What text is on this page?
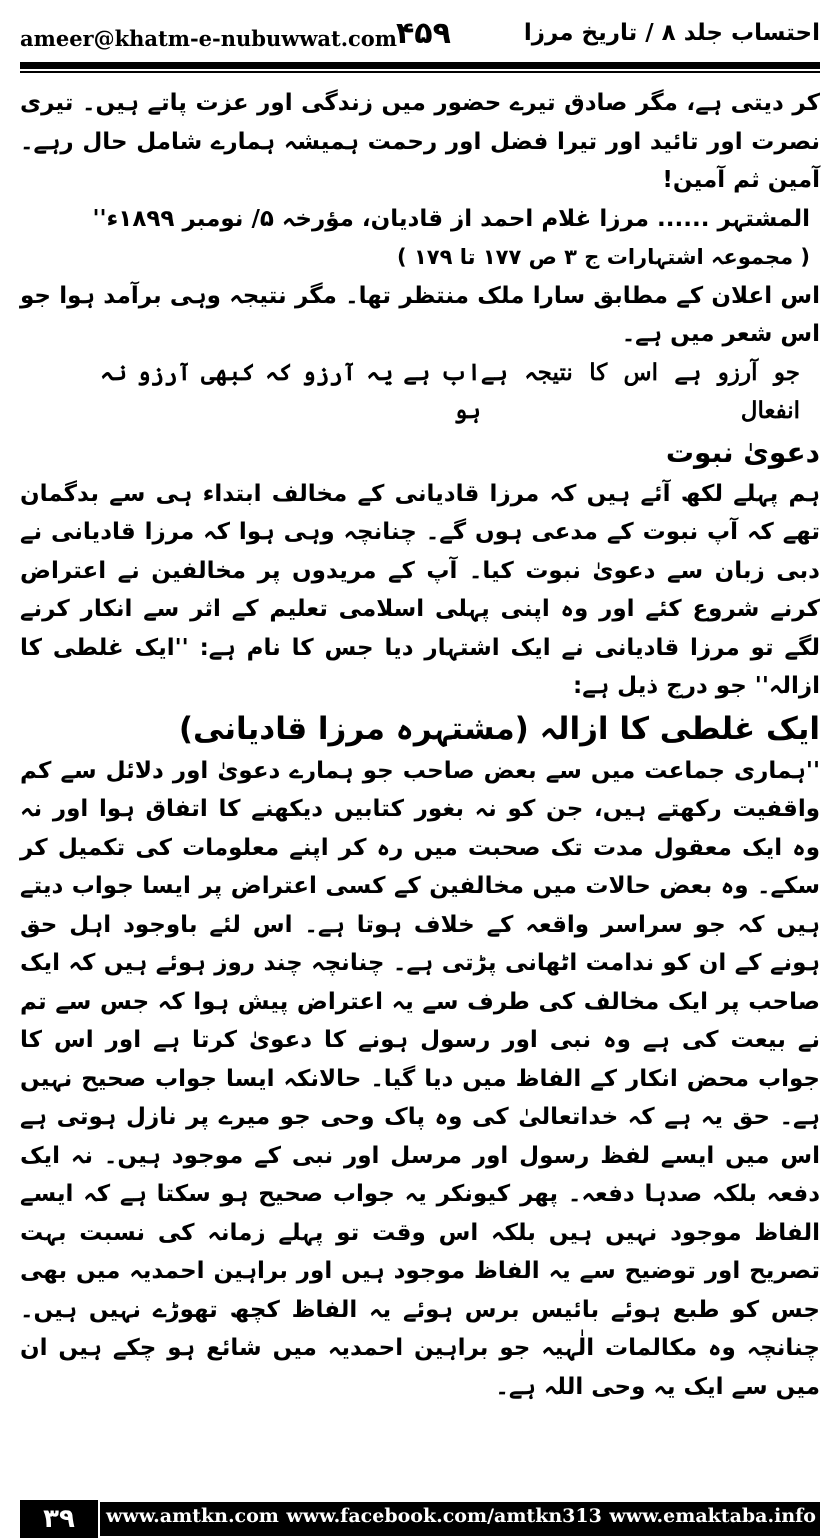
ameer@khatm-e-nubuwwat.com
۴۵۹	احتساب جلد ۸ / تاریخ مرزا

کر دیتی ہے، مگر صادق تیرے حضور میں زندگی اور عزت پاتے ہیں۔ تیری نصرت اور تائید اور تیرا فضل اور رحمت ہمیشہ ہمارے شامل حال رہے۔ آمین ثم آمین!

المشتہر ...... مرزا غلام احمد از قادیان، مؤرخہ ۵/ نومبر ۱۸۹۹ء''

( مجموعہ اشتہارات ج ۳ ص ۱۷۷ تا ۱۷۹ )

اس اعلان کے مطابق سارا ملک منتظر تھا۔ مگر نتیجہ وہی برآمد ہوا جو اس شعر میں ہے۔

جو آرزو ہے اس کا نتیجہ ہے انفعال
اب ہے یہ آرزو کہ کبھی آرزو نہ ہو

دعویٰ نبوت

ہم پہلے لکھ آئے ہیں کہ مرزا قادیانی کے مخالف ابتداء ہی سے بدگمان تھے کہ آپ نبوت کے مدعی ہوں گے۔ چنانچہ وہی ہوا کہ مرزا قادیانی نے دبی زبان سے دعویٰ نبوت کیا۔ آپ کے مریدوں پر مخالفین نے اعتراض کرنے شروع کئے اور وہ اپنی پہلی اسلامی تعلیم کے اثر سے انکار کرنے لگے تو مرزا قادیانی نے ایک اشتہار دیا جس کا نام ہے: ''ایک غلطی کا ازالہ'' جو درج ذیل ہے:

ایک غلطی کا ازالہ (مشتہرہ مرزا قادیانی)

''ہماری جماعت میں سے بعض صاحب جو ہمارے دعویٰ اور دلائل سے کم واقفیت رکھتے ہیں، جن کو نہ بغور کتابیں دیکھنے کا اتفاق ہوا اور نہ وہ ایک معقول مدت تک صحبت میں رہ کر اپنے معلومات کی تکمیل کر سکے۔ وہ بعض حالات میں مخالفین کے کسی اعتراض پر ایسا جواب دیتے ہیں کہ جو سراسر واقعہ کے خلاف ہوتا ہے۔ اس لئے باوجود اہل حق ہونے کے ان کو ندامت اٹھانی پڑتی ہے۔ چنانچہ چند روز ہوئے ہیں کہ ایک صاحب پر ایک مخالف کی طرف سے یہ اعتراض پیش ہوا کہ جس سے تم نے بیعت کی ہے وہ نبی اور رسول ہونے کا دعویٰ کرتا ہے اور اس کا جواب محض انکار کے الفاظ میں دیا گیا۔ حالانکہ ایسا جواب صحیح نہیں ہے۔ حق یہ ہے کہ خداتعالیٰ کی وہ پاک وحی جو میرے پر نازل ہوتی ہے اس میں ایسے لفظ رسول اور مرسل اور نبی کے موجود ہیں۔ نہ ایک دفعہ بلکہ صدہا دفعہ۔ پھر کیونکر یہ جواب صحیح ہو سکتا ہے کہ ایسے الفاظ موجود نہیں ہیں بلکہ اس وقت تو پہلے زمانہ کی نسبت بہت تصریح اور توضیح سے یہ الفاظ موجود ہیں اور براہین احمدیہ میں بھی جس کو طبع ہوئے بائیس برس ہوئے یہ الفاظ کچھ تھوڑے نہیں ہیں۔ چنانچہ وہ مکالمات الٰہیہ جو براہین احمدیہ میں شائع ہو چکے ہیں ان میں سے ایک یہ وحی اللہ ہے۔

۳۹	www.amtkn.com www.facebook.com/amtkn313 www.emaktaba.info
